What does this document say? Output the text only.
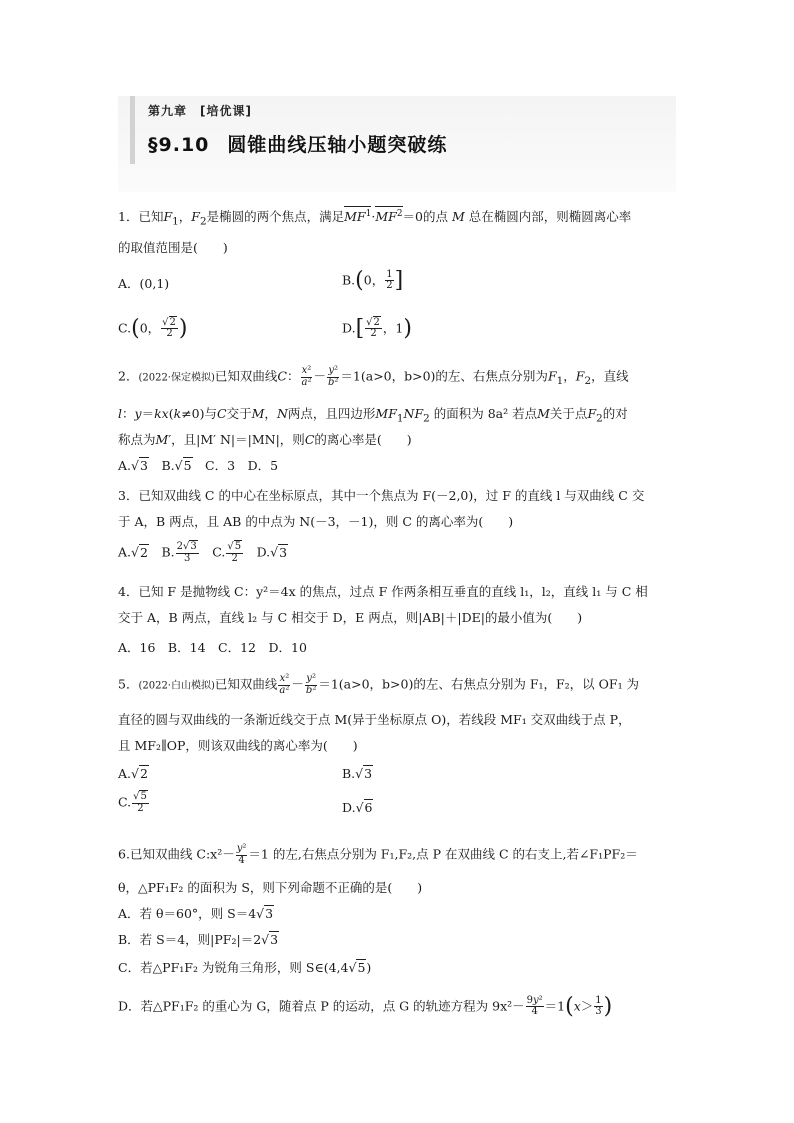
第九章　[培优课]
§9.10 圆锥曲线压轴小题突破练
1．已知$F_1$，$F_2$是椭圆的两个焦点，满足$MF^1\cdot MF^2=0$的点 M 总在椭圆内部，则椭圆离心率
的取值范围是(　　)
A．(0,1)	B.(0， $\frac{1}{2}$ ]
C.(0， $\frac{√2}{2}$ )	$D.[ \frac{√2}{2}$ ，1)
2．(2022·保定模拟)已知双曲线C： $\frac{\text{x²}}{\text{a²}} - \frac{\text{y²}}{\text{b²}} =1(a>0$，b>0)的左、右焦点分别为$F_1$，$F_2$，直线
l：y＝kx(k≠0)与C交于M，N两点，且四边形$MF_1NF_2$ 的面积为 8a² 若点M关于点$F_2$的对
称点为M′，且|M′ N|＝|MN|，则C的离心率是(　　)
A.√3　B.√5　 C．3　D．5
3．已知双曲线 C 的中心在坐标原点，其中一个焦点为 F(－2,0)，过 F 的直线 l 与双曲线 C 交
于 A，B 两点，且 AB 的中点为 N(－3，－1)，则 C 的离心率为(　　)
A.√2　B. $\frac{2√3}{3}$ 　C. $\frac{√5}{2}$ 　D.√3
4．已知 F 是抛物线 C：y²＝4x 的焦点，过点 F 作两条相互垂直的直线 l₁，l₂，直线 l₁ 与 C 相
交于 A，B 两点，直线 l₂ 与 C 相交于 D，E 两点，则|AB|＋|DE|的最小值为(　　)
A．16　B．14　C．12　D．10
5．(2022·白山模拟)已知双曲线 $\frac{\text{x²}}{\text{a²}} - \frac{\text{y²}}{\text{b²}} =1(a>0$，b>0)的左、右焦点分别为 F₁，F₂，以 OF₁ 为
直径的圆与双曲线的一条渐近线交于点 M(异于坐标原点 O)，若线段 MF₁ 交双曲线于点 P，
且 MF₂∥OP，则该双曲线的离心率为(　　)
A.√2	B.√3
C. $\frac{√5}{2}$	D.√6
6.已知双曲线 C:x²－ $\frac{\text{y²}}{4} =1$ 的左,右焦点分别为 F₁,F₂,点 P 在双曲线 C 的右支上,若∠F₁PF₂＝
θ，△PF₁F₂ 的面积为 S，则下列命题不正确的是(　　)
A．若 θ＝60°，则 S＝4√3
B．若 S＝4，则|PF₂|＝2√3
C．若△PF₁F₂ 为锐角三角形，则 S∈(4,4√5)
D．若△PF₁F₂ 的重心为 G，随着点 P 的运动，点 G 的轨迹方程为 $9x^2- \frac{\text{9y²}}{4} =1(x> \frac{1}{3}$ )
